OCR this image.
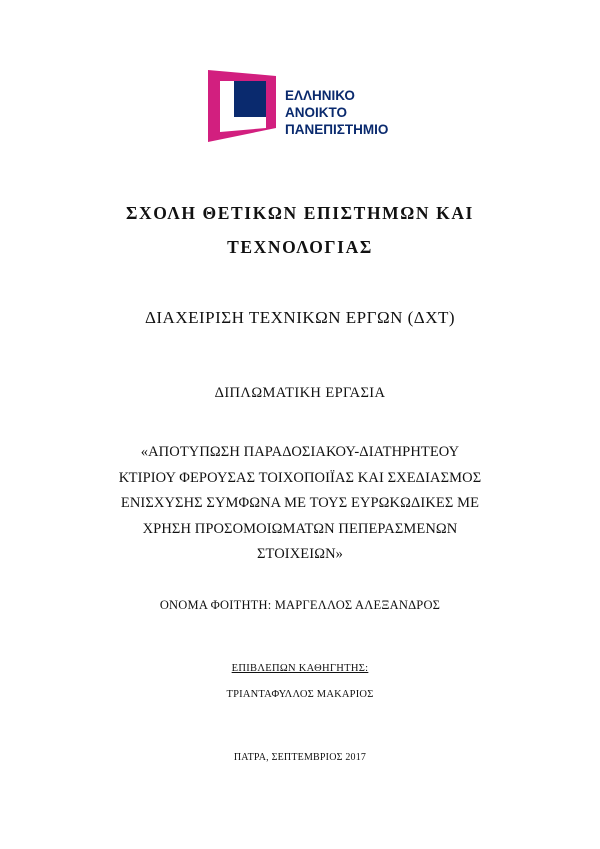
ΕΛΛΗΝΙΚΟ
ΑΝΟΙΚΤΟ
ΠΑΝΕΠΙΣΤΗΜΙΟ
ΣΧΟΛΗ ΘΕΤΙΚΩΝ ΕΠΙΣΤΗΜΩΝ ΚΑΙ
ΤΕΧΝΟΛΟΓΙΑΣ
ΔΙΑΧΕΙΡΙΣΗ ΤΕΧΝΙΚΩΝ ΕΡΓΩΝ (ΔΧΤ)
ΔΙΠΛΩΜΑΤΙΚΗ ΕΡΓΑΣΙΑ
«ΑΠΟΤΥΠΩΣΗ ΠΑΡΑΔΟΣΙΑΚΟΥ-ΔΙΑΤΗΡΗΤΕΟΥ
ΚΤΙΡΙΟΥ ΦΕΡΟΥΣΑΣ ΤΟΙΧΟΠΟΙΪΑΣ ΚΑΙ ΣΧΕΔΙΑΣΜΟΣ
ΕΝΙΣΧΥΣΗΣ ΣΥΜΦΩΝΑ ΜΕ ΤΟΥΣ ΕΥΡΩΚΩΔΙΚΕΣ ΜΕ
ΧΡΗΣΗ ΠΡΟΣΟΜΟΙΩΜΑΤΩΝ ΠΕΠΕΡΑΣΜΕΝΩΝ
ΣΤΟΙΧΕΙΩΝ»
ΟΝΟΜΑ ΦΟΙΤΗΤΗ: ΜΑΡΓΕΛΛΟΣ ΑΛΕΞΑΝΔΡΟΣ
ΕΠΙΒΛΕΠΩΝ ΚΑΘΗΓΗΤΗΣ:
ΤΡΙΑΝΤΑΦΥΛΛΟΣ ΜΑΚΑΡΙΟΣ
ΠΑΤΡΑ, ΣΕΠΤΕΜΒΡΙΟΣ 2017
